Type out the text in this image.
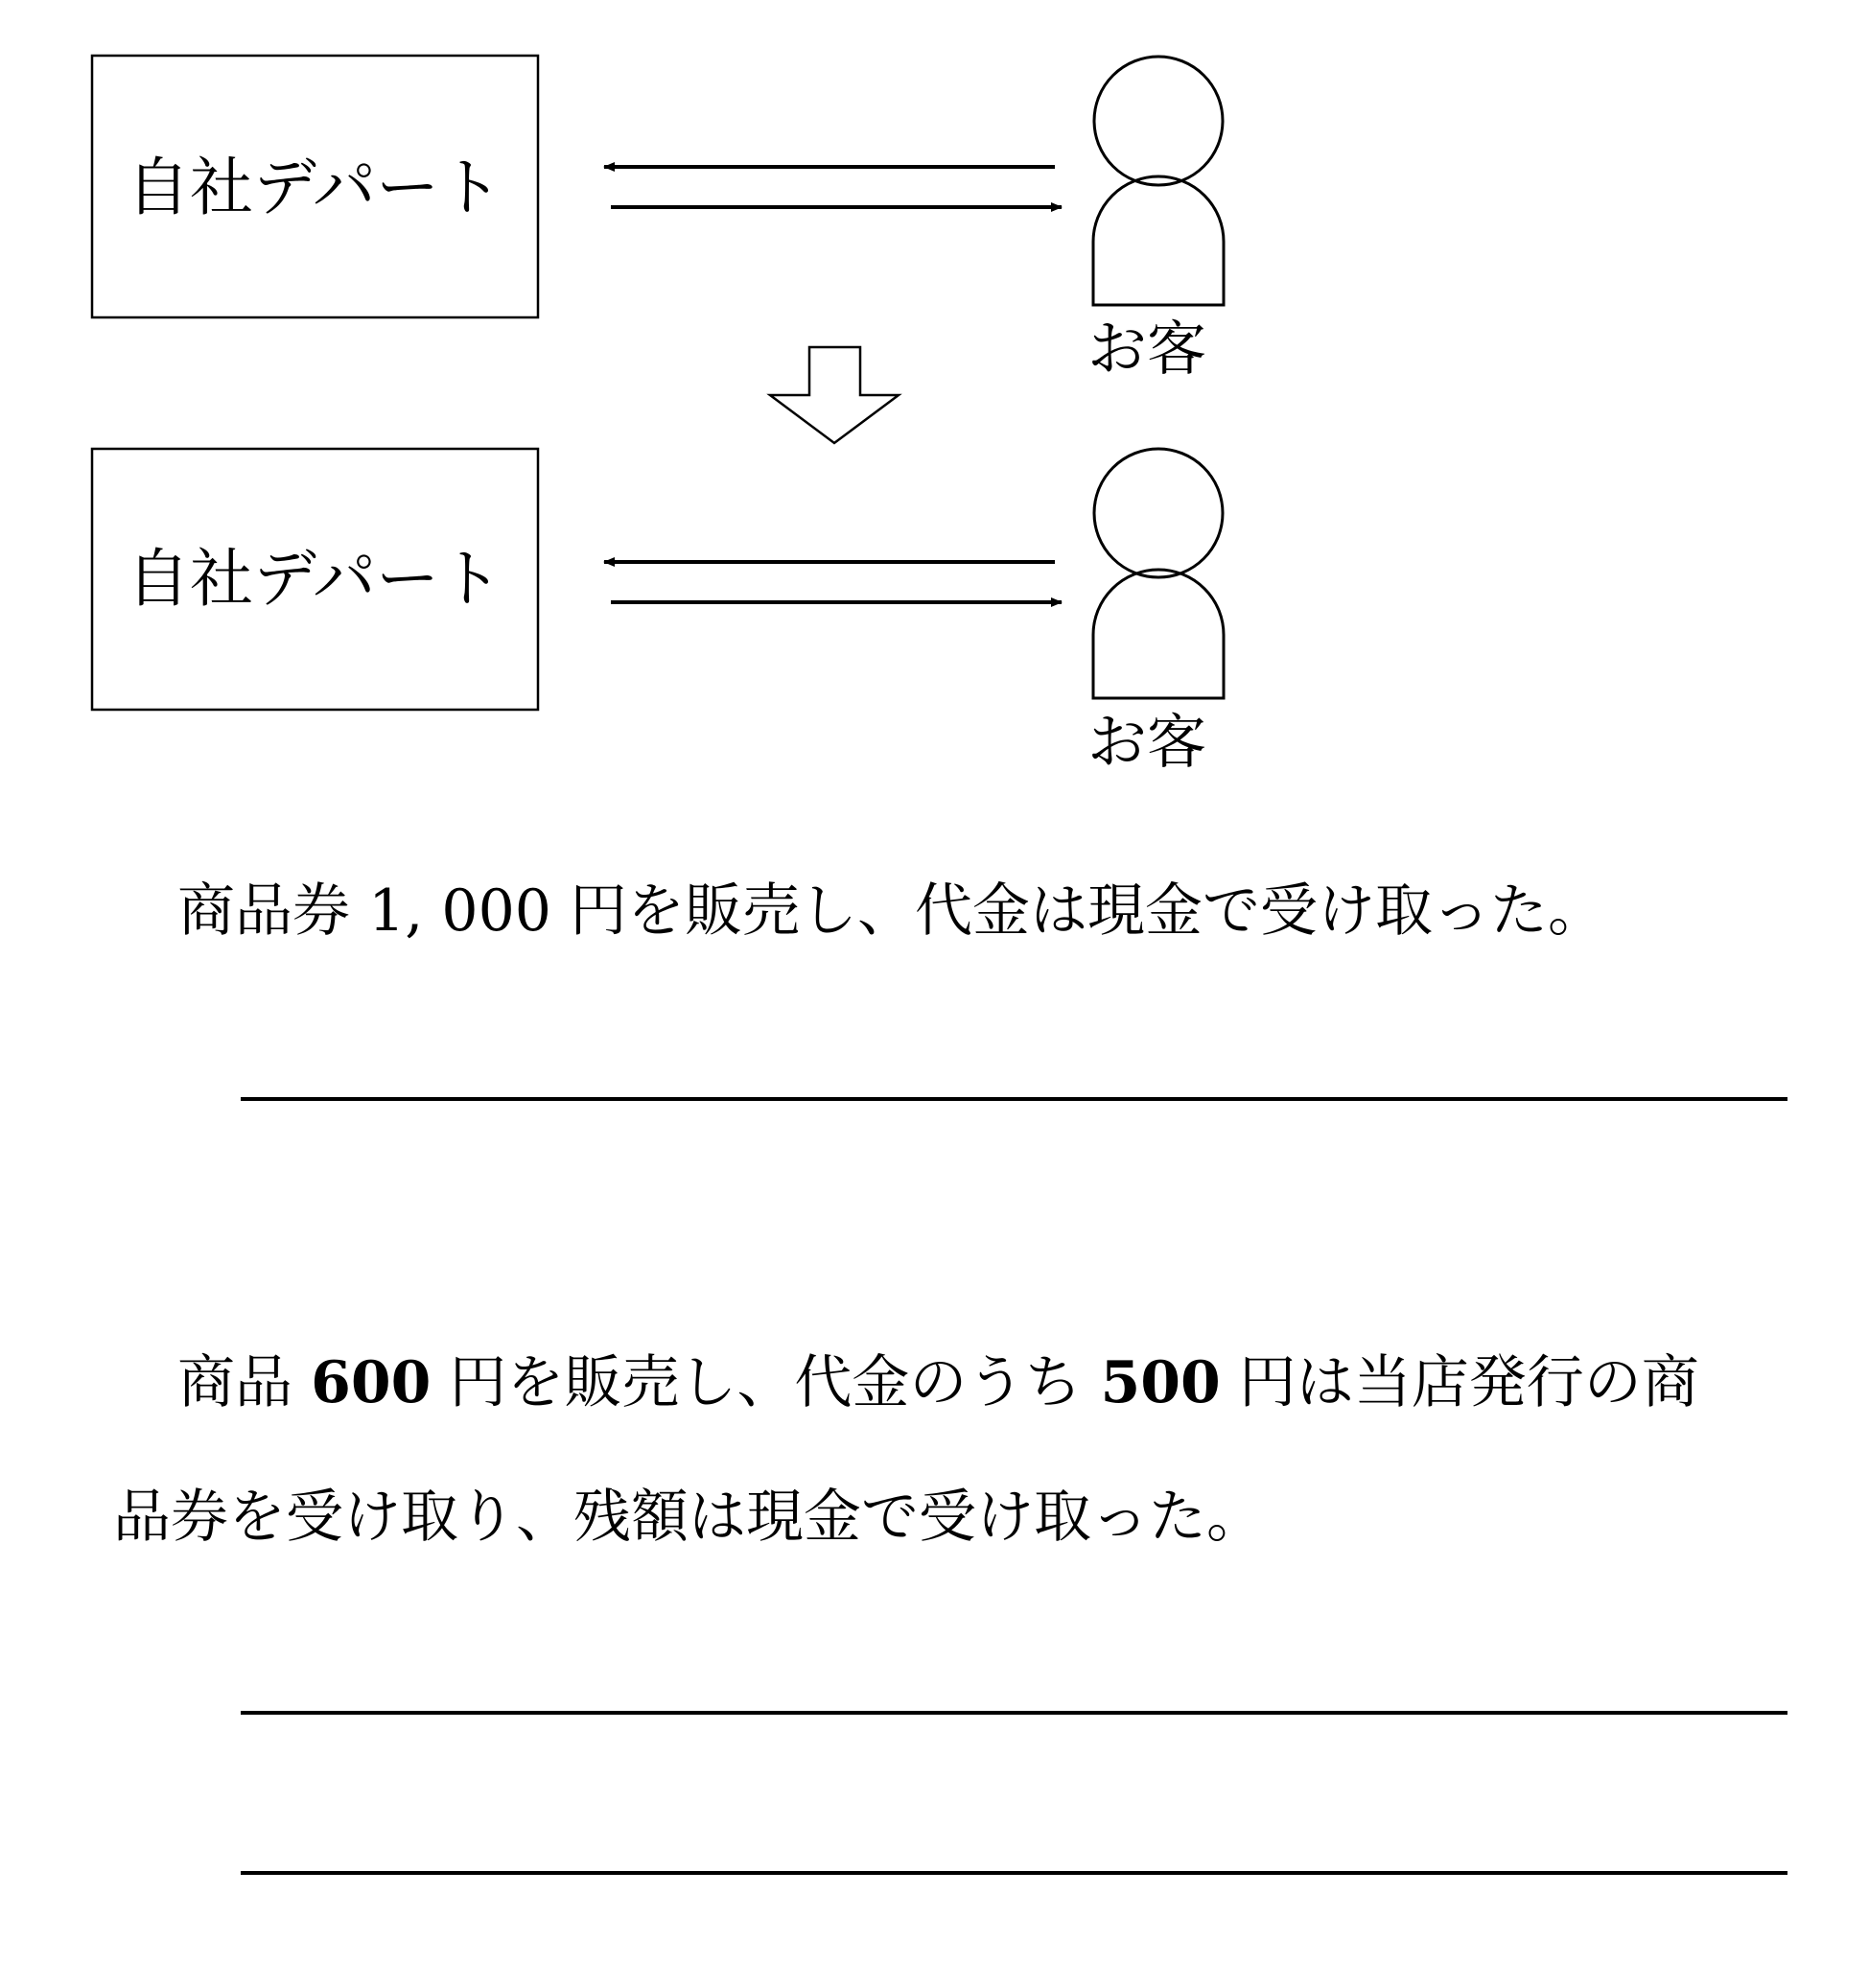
自社デパート
お客
自社デパート
お客

商品券 1, 000 円を販売し、代金は現金で受け取った。

商品 600 円を販売し、代金のうち 500 円は当店発行の商

品券を受け取り、残額は現金で受け取った。
